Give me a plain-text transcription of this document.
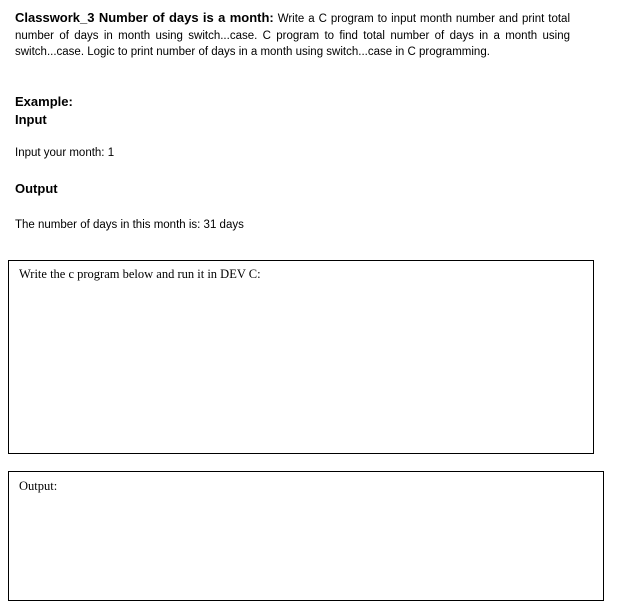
Classwork_3 Number of days is a month: Write a C program to input month number and print total number of days in month using switch...case. C program to find total number of days in a month using switch...case. Logic to print number of days in a month using switch...case in C programming.
Example:
Input
Input your month: 1
Output
The number of days in this month is: 31 days
Write the c program below and run it in DEV C:
Output:
